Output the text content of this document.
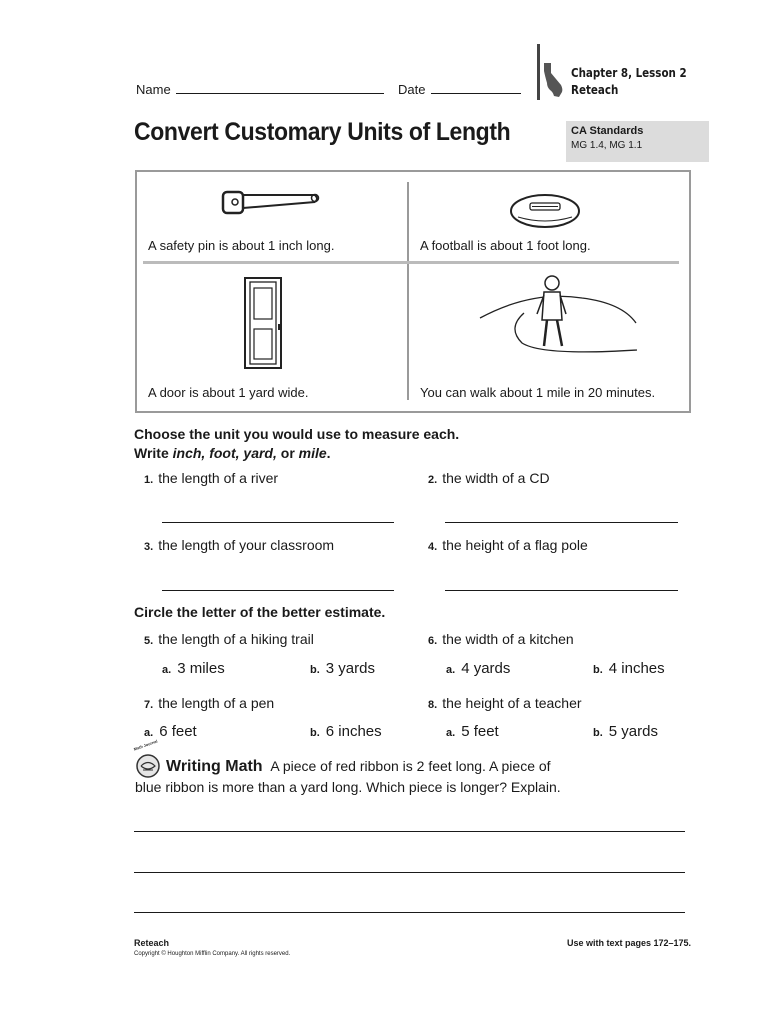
Name	Date
Chapter 8, Lesson 2
Reteach
Convert Customary Units of Length	CA Standards
MG 1.4, MG 1.1
A safety pin is about 1 inch long.	A football is about 1 foot long.
A door is about 1 yard wide.	You can walk about 1 mile in 20 minutes.
Choose the unit you would use to measure each.
Write inch, foot, yard, or mile.
1. the length of a river	2. the width of a CD
3. the length of your classroom	4. the height of a flag pole
Circle the letter of the better estimate.
5. the length of a hiking trail
a. 3 miles	b. 3 yards
6. the width of a kitchen
a. 4 yards	b. 4 inches
7. the length of a pen
a. 6 feet	b. 6 inches
8. the height of a teacher
a. 5 feet	b. 5 yards
Math Journal
Writing Math A piece of red ribbon is 2 feet long. A piece of
blue ribbon is more than a yard long. Which piece is longer? Explain.
Reteach	Use with text pages 172–175.
Copyright © Houghton Mifflin Company. All rights reserved.
